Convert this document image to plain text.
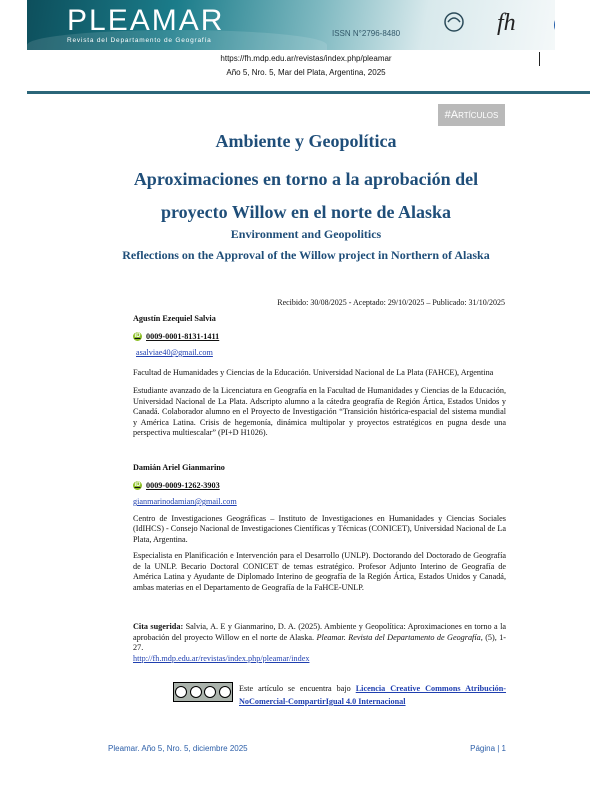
PLEAMAR
Revista del Departamento de Geografía
ISSN N°2796-8480	fh
https://fh.mdp.edu.ar/revistas/index.php/pleamar
Año 5, Nro. 5, Mar del Plata, Argentina, 2025
#Artículos
Ambiente y Geopolítica
Aproximaciones en torno a la aprobación del proyecto Willow en el norte de Alaska
Environment and Geopolitics
Reflections on the Approval of the Willow project in Northern of Alaska
Recibido: 30/08/2025 - Aceptado: 29/10/2025 – Publicado: 31/10/2025

Agustín Ezequiel Salvia

iD 0009-0001-8131-1411

asalviae40@gmail.com

Facultad de Humanidades y Ciencias de la Educación. Universidad Nacional de La Plata (FAHCE), Argentina

Estudiante avanzado de la Licenciatura en Geografía en la Facultad de Humanidades y Ciencias de la Educación, Universidad Nacional de La Plata. Adscripto alumno a la cátedra geografía de Región Ártica, Estados Unidos y Canadá. Colaborador alumno en el Proyecto de Investigación “Transición histórica-espacial del sistema mundial y América Latina. Crisis de hegemonía, dinámica multipolar y proyectos estratégicos en pugna desde una perspectiva multiescalar” (PI+D H1026).

Damián Ariel Gianmarino

iD 0009-0009-1262-3903

gianmarinodamian@gmail.com

Centro de Investigaciones Geográficas – Instituto de Investigaciones en Humanidades y Ciencias Sociales (IdIHCS) - Consejo Nacional de Investigaciones Científicas y Técnicas (CONICET), Universidad Nacional de La Plata, Argentina.

Especialista en Planificación e Intervención para el Desarrollo (UNLP). Doctorando del Doctorado de Geografía de la UNLP. Becario Doctoral CONICET de temas estratégico. Profesor Adjunto Interino de Geografía de América Latina y Ayudante de Diplomado Interino de geografía de la Región Ártica, Estados Unidos y Canadá, ambas materias en el Departamento de Geografía de la FaHCE-UNLP.

Cita sugerida: Salvia, A. E y Gianmarino, D. A. (2025). Ambiente y Geopolítica: Aproximaciones en torno a la aprobación del proyecto Willow en el norte de Alaska. Pleamar. Revista del Departamento de Geografía, (5), 1-27.

http://fh.mdp.edu.ar/revistas/index.php/pleamar/index

Este artículo se encuentra bajo Licencia Creative Commons Atribución-NoComercial-CompartirIgual 4.0 Internacional

Pleamar. Año 5, Nro. 5, diciembre 2025	Página | 1
